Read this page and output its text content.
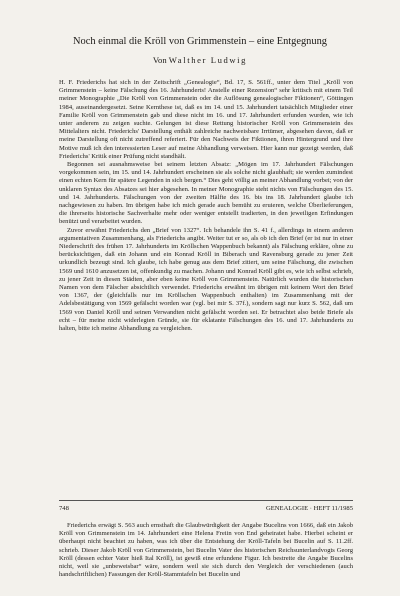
Noch einmal die Kröll von Grimmenstein – eine Entgegnung
Von Walther Ludwig

H. F. Friederichs hat sich in der Zeitschrift „Genealogie“, Bd. 17, S. 561ff., unter dem Titel „Kröll von Grimmenstein – keine Fälschung des 16. Jahrhunderts! Anstelle einer Rezension“ sehr kritisch mit einem Teil meiner Monographie „Die Kröll von Grimmenstein oder die Auflösung genealogischer Fiktionen“, Göttingen 1984, auseinandergesetzt. Seine Kernthese ist, daß es im 14. und 15. Jahrhundert tatsächlich Mitglieder einer Familie Kröll von Grimmenstein gab und diese nicht im 16. und 17. Jahrhundert erfunden wurden, wie ich unter anderem zu zeigen suchte. Gelungen ist diese Rettung historischer Kröll von Grimmenstein des Mittelalters nicht. Friederichs' Darstellung enthält zahlreiche nachweisbare Irrtümer, abgesehen davon, daß er meine Darstellung oft nicht zutreffend referiert. Für den Nachweis der Fiktionen, ihren Hintergrund und ihre Motive muß ich den interessierten Leser auf meine Abhandlung verweisen. Hier kann nur gezeigt werden, daß Friederichs' Kritik einer Prüfung nicht standhält.

Begonnen sei ausnahmsweise bei seinem letzten Absatz: „Mögen im 17. Jahrhundert Fälschungen vorgekommen sein, im 15. und 14. Jahrhundert erscheinen sie als solche nicht glaubhaft; sie werden zumindest einen echten Kern für spätere Legenden in sich bergen.“ Dies geht völlig an meiner Abhandlung vorbei; von der unklaren Syntax des Absatzes sei hier abgesehen. In meiner Monographie steht nichts von Fälschungen des 15. und 14. Jahrhunderts. Fälschungen von der zweiten Hälfte des 16. bis ins 18. Jahrhundert glaube ich nachgewiesen zu haben. Im übrigen habe ich mich gerade auch bemüht zu eruieren, welche Überlieferungen, die ihrerseits historische Sachverhalte mehr oder weniger entstellt tradierten, in den jeweiligen Erfindungen benützt und verarbeitet wurden.

Zuvor erwähnt Friederichs den „Brief von 1327“. Ich behandele ihn S. 41 f., allerdings in einem anderen argumentativen Zusammenhang, als Friederichs angibt. Weiter tut er so, als ob ich den Brief (er ist nur in einer Niederschrift des frühen 17. Jahrhunderts im Kröllschen Wappenbuch bekannt) als Fälschung erkläre, ohne zu berücksichtigen, daß ein Johann und ein Konrad Kröll in Biberach und Ravensburg gerade zu jener Zeit urkundlich bezeugt sind. Ich glaube, ich habe genug aus dem Brief zitiert, um seine Fälschung, die zwischen 1569 und 1610 anzusetzen ist, offenkundig zu machen. Johann und Konrad Kröll gibt es, wie ich selbst schrieb, zu jener Zeit in diesen Städten, aber eben keine Kröll von Grimmenstein. Natürlich wurden die historischen Namen von dem Fälscher absichtlich verwendet. Friederichs erwähnt im übrigen mit keinem Wort den Brief von 1367, der (gleichfalls nur im Kröllschen Wappenbuch enthalten) im Zusammenhang mit der Adelsbestätigung von 1569 gefälscht worden war (vgl. bei mir S. 37f.), sondern sagt nur kurz S. 562, daß um 1569 von Daniel Kröll und seinen Verwandten nicht gefälscht worden sei. Er betrachtet also beide Briefe als echt – für meine nicht widerlegten Gründe, sie für eklatante Fälschungen des 16. und 17. Jahrhunderts zu halten, bitte ich meine Abhandlung zu vergleichen.

748	GENEALOGIE · HEFT 11/1985

Friederichs erwägt S. 563 auch ernsthaft die Glaubwürdigkeit der Angabe Bucelins von 1666, daß ein Jakob Kröll von Grimmenstein im 14. Jahrhundert eine Helena Freiin von End geheiratet habe. Hierbei scheint er überhaupt nicht beachtet zu haben, was ich über die Entstehung der Kröll-Tafeln bei Bucelin auf S. 11.2ff. schrieb. Dieser Jakob Kröll von Grimmenstein, bei Bucelin Vater des historischen Reichsunterlandvogts Georg Kröll (dessen echter Vater hieß Ital Kröll), ist gewiß eine erfundene Figur. Ich bestreite die Angabe Bucelins nicht, weil sie „unbeweisbar“ wäre, sondern weil sie sich durch den Vergleich der verschiedenen (auch handschriftlichen) Fassungen der Kröll-Stammtafeln bei Bucelin und
